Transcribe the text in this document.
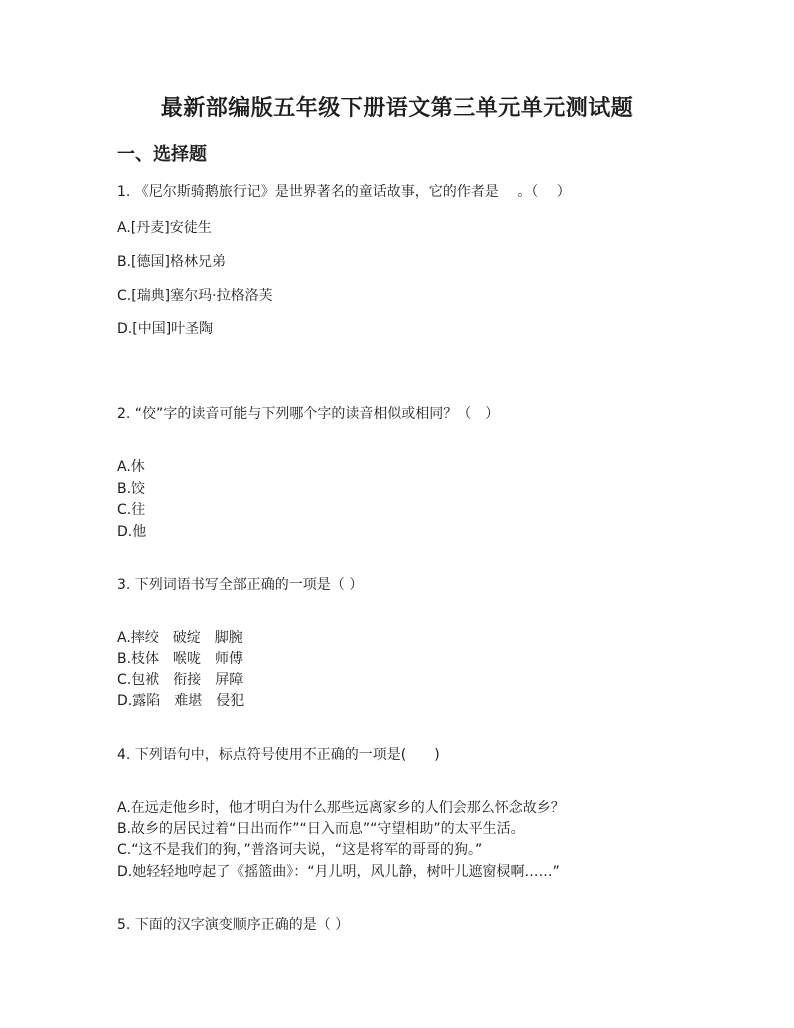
最新部编版五年级下册语文第三单元单元测试题
一、选择题
1. 《尼尔斯骑鹅旅行记》是世界著名的童话故事，它的作者是 　。（　 ）
A.[丹麦]安徒生
B.[德国]格林兄弟
C.[瑞典]塞尔玛·拉格洛芙
D.[中国]叶圣陶
2. “佼”字的读音可能与下列哪个字的读音相似或相同？（　）
A.休
B.饺
C.往
D.他
3. 下列词语书写全部正确的一项是（ ）
A.摔绞　破绽　脚腕
B.枝体　喉咙　师傅
C.包袱　衔接　屏障
D.露陷　难堪　侵犯
4. 下列语句中，标点符号使用不正确的一项是(　　)
A.在远走他乡时，他才明白为什么那些远离家乡的人们会那么怀念故乡？
B.故乡的居民过着“日出而作”“日入而息”“守望相助”的太平生活。
C.“这不是我们的狗，”普洛诃夫说，“这是将军的哥哥的狗。”
D.她轻轻地哼起了《摇篮曲》：“月儿明，风儿静，树叶儿遮窗棂啊……”
5. 下面的汉字演变顺序正确的是（ ）
